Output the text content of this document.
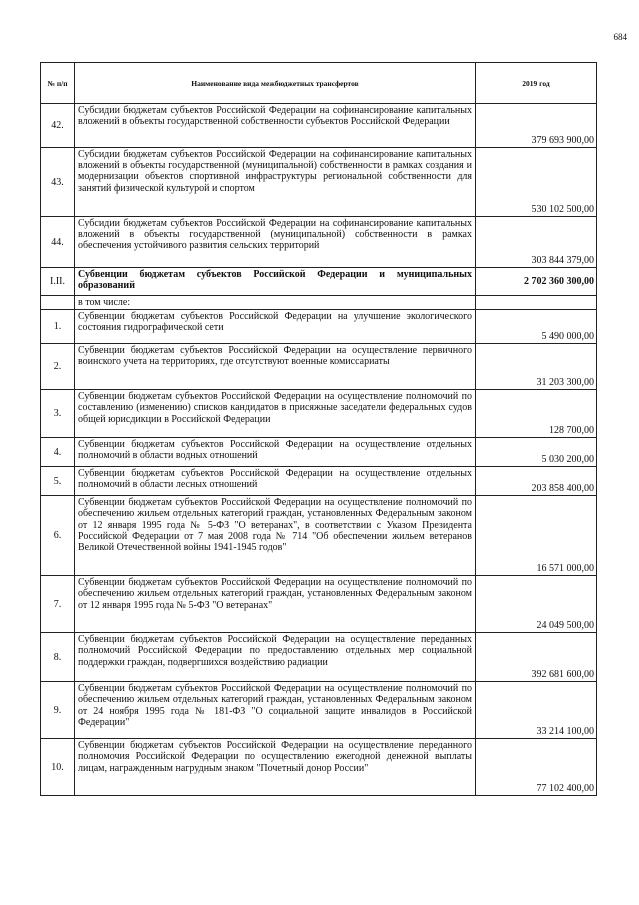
684
№ п/п	Наименование вида межбюджетных трансфертов	2019 год
42.	Субсидии бюджетам субъектов Российской Федерации на софинансирование капитальных вложений в объекты государственной собственности субъектов Российской Федерации	379 693 900,00
43.	Субсидии бюджетам субъектов Российской Федерации на софинансирование капитальных вложений в объекты государственной (муниципальной) собственности в рамках создания и модернизации объектов спортивной инфраструктуры региональной собственности для занятий физической культурой и спортом	530 102 500,00
44.	Субсидии бюджетам субъектов Российской Федерации на софинансирование капитальных вложений в объекты государственной (муниципальной) собственности в рамках обеспечения устойчивого развития сельских территорий	303 844 379,00
I.II.	Субвенции бюджетам субъектов Российской Федерации и муниципальных образований	2 702 360 300,00
	в том числе:	
1.	Субвенции бюджетам субъектов Российской Федерации на улучшение экологического состояния гидрографической сети	5 490 000,00
2.	Субвенции бюджетам субъектов Российской Федерации на осуществление первичного воинского учета на территориях, где отсутствуют военные комиссариаты	31 203 300,00
3.	Субвенции бюджетам субъектов Российской Федерации на осуществление полномочий по составлению (изменению) списков кандидатов в присяжные заседатели федеральных судов общей юрисдикции в Российской Федерации	128 700,00
4.	Субвенции бюджетам субъектов Российской Федерации на осуществление отдельных полномочий в области водных отношений	5 030 200,00
5.	Субвенции бюджетам субъектов Российской Федерации на осуществление отдельных полномочий в области лесных отношений	203 858 400,00
6.	Субвенции бюджетам субъектов Российской Федерации на осуществление полномочий по обеспечению жильем отдельных категорий граждан, установленных Федеральным законом от 12 января 1995 года № 5-ФЗ "О ветеранах", в соответствии с Указом Президента Российской Федерации от 7 мая 2008 года № 714 "Об обеспечении жильем ветеранов Великой Отечественной войны 1941-1945 годов"	16 571 000,00
7.	Субвенции бюджетам субъектов Российской Федерации на осуществление полномочий по обеспечению жильем отдельных категорий граждан, установленных Федеральным законом от 12 января 1995 года № 5-ФЗ "О ветеранах"	24 049 500,00
8.	Субвенции бюджетам субъектов Российской Федерации на осуществление переданных полномочий Российской Федерации по предоставлению отдельных мер социальной поддержки граждан, подвергшихся воздействию радиации	392 681 600,00
9.	Субвенции бюджетам субъектов Российской Федерации на осуществление полномочий по обеспечению жильем отдельных категорий граждан, установленных Федеральным законом от 24 ноября 1995 года № 181-ФЗ "О социальной защите инвалидов в Российской Федерации"	33 214 100,00
10.	Субвенции бюджетам субъектов Российской Федерации на осуществление переданного полномочия Российской Федерации по осуществлению ежегодной денежной выплаты лицам, награжденным нагрудным знаком "Почетный донор России"	77 102 400,00
